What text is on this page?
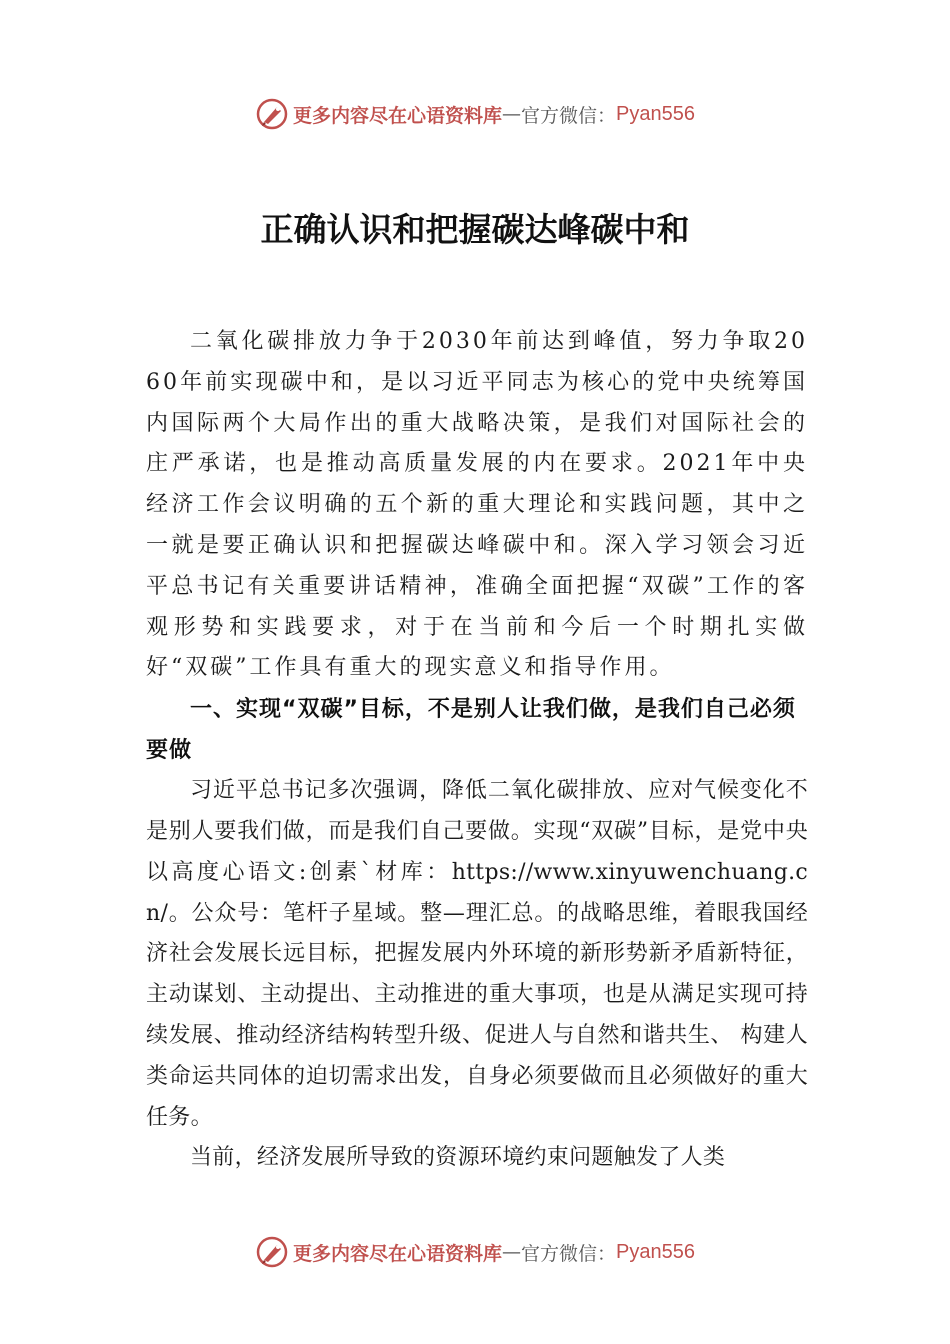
更多内容尽在心语资料库 — 官方微信： Pyan556
正确认识和把握碳达峰碳中和

二氧化碳排放力争于2030年前达到峰值，努力争取2060年前实现碳中和，是以习近平同志为核心的党中央统筹国内国际两个大局作出的重大战略决策，是我们对国际社会的庄严承诺，也是推动高质量发展的内在要求。2021年中央经济工作会议明确的五个新的重大理论和实践问题，其中之一就是要正确认识和把握碳达峰碳中和。深入学习领会习近平总书记有关重要讲话精神，准确全面把握“双碳”工作的客观形势和实践要求，对于在当前和今后一个时期扎实做好“双碳”工作具有重大的现实意义和指导作用。

一、实现“双碳”目标，不是别人让我们做，是我们自己必须要做

习近平总书记多次强调，降低二氧化碳排放、应对气候变化不是别人要我们做，而是我们自己要做。实现“双碳”目标，是党中央以高度心语文:创素`材库：https://www.xinyuwenchuang.cn/。公众号：笔杆子星域。整—理汇总。的战略思维，着眼我国经济社会发展长远目标，把握发展内外环境的新形势新矛盾新特征，主动谋划、主动提出、主动推进的重大事项，也是从满足实现可持续发展、推动经济结构转型升级、促进人与自然和谐共生、 构建人类命运共同体的迫切需求出发，自身必须要做而且必须做好的重大任务。

当前，经济发展所导致的资源环境约束问题触发了人类

更多内容尽在心语资料库 — 官方微信： Pyan556
